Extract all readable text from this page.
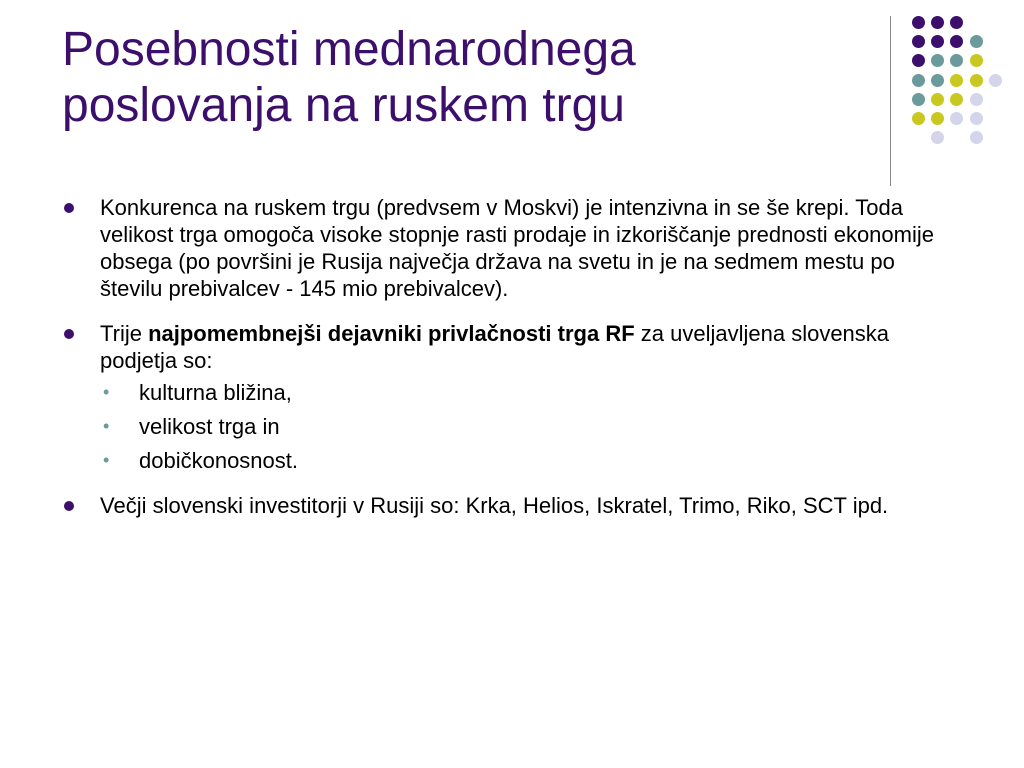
Posebnosti mednarodnega
poslovanja na ruskem trgu
Konkurenca na ruskem trgu (predvsem v Moskvi) je intenzivna in se še krepi. Toda velikost trga omogoča visoke stopnje rasti prodaje in izkoriščanje prednosti ekonomije obsega (po površini je Rusija največja država na svetu in je na sedmem mestu po številu prebivalcev - 145 mio prebivalcev).
Trije najpomembnejši dejavniki privlačnosti trga RF za uveljavljena slovenska podjetja so:
• kulturna bližina,
• velikost trga in
• dobičkonosnost.
Večji slovenski investitorji v Rusiji so: Krka, Helios, Iskratel, Trimo, Riko, SCT ipd.
